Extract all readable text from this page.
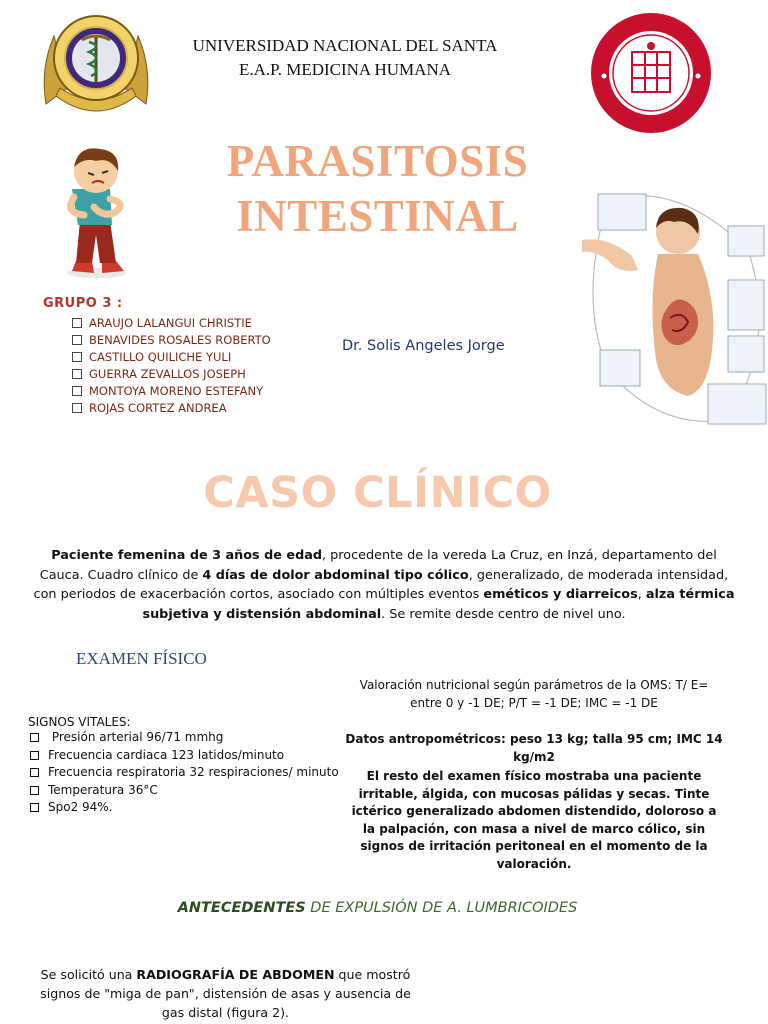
UNIVERSIDAD NACIONAL DEL SANTA
E.A.P. MEDICINA HUMANA
PARASITOSIS
INTESTINAL
GRUPO 3 :
ARAUJO LALANGUI CHRISTIE
BENAVIDES ROSALES ROBERTO
CASTILLO QUILICHE YULI
GUERRA ZEVALLOS JOSEPH
MONTOYA MORENO ESTEFANY
ROJAS CORTEZ ANDREA
Dr. Solis Angeles Jorge
CASO CLÍNICO
Paciente femenina de 3 años de edad, procedente de la vereda La Cruz, en Inzá, departamento del Cauca. Cuadro clínico de 4 días de dolor abdominal tipo cólico, generalizado, de moderada intensidad, con periodos de exacerbación cortos, asociado con múltiples eventos eméticos y diarreicos, alza térmica subjetiva y distensión abdominal. Se remite desde centro de nivel uno.
EXAMEN FÍSICO
SIGNOS VITALES:
Presión arterial 96/71 mmhg
Frecuencia cardiaca 123 latidos/minuto
Frecuencia respiratoria 32 respiraciones/ minuto
Temperatura 36°C
Spo2 94%.
Valoración nutricional según parámetros de la OMS: T/ E= entre 0 y -1 DE; P/T = -1 DE; IMC = -1 DE
Datos antropométricos: peso 13 kg; talla 95 cm; IMC 14 kg/m2
El resto del examen físico mostraba una paciente irritable, álgida, con mucosas pálidas y secas. Tinte ictérico generalizado abdomen distendido, doloroso a la palpación, con masa a nivel de marco cólico, sin signos de irritación peritoneal en el momento de la valoración.
ANTECEDENTES DE EXPULSIÓN DE A. LUMBRICOIDES
Se solicitó una RADIOGRAFÍA DE ABDOMEN que mostró signos de "miga de pan", distensión de asas y ausencia de gas distal (figura 2).
